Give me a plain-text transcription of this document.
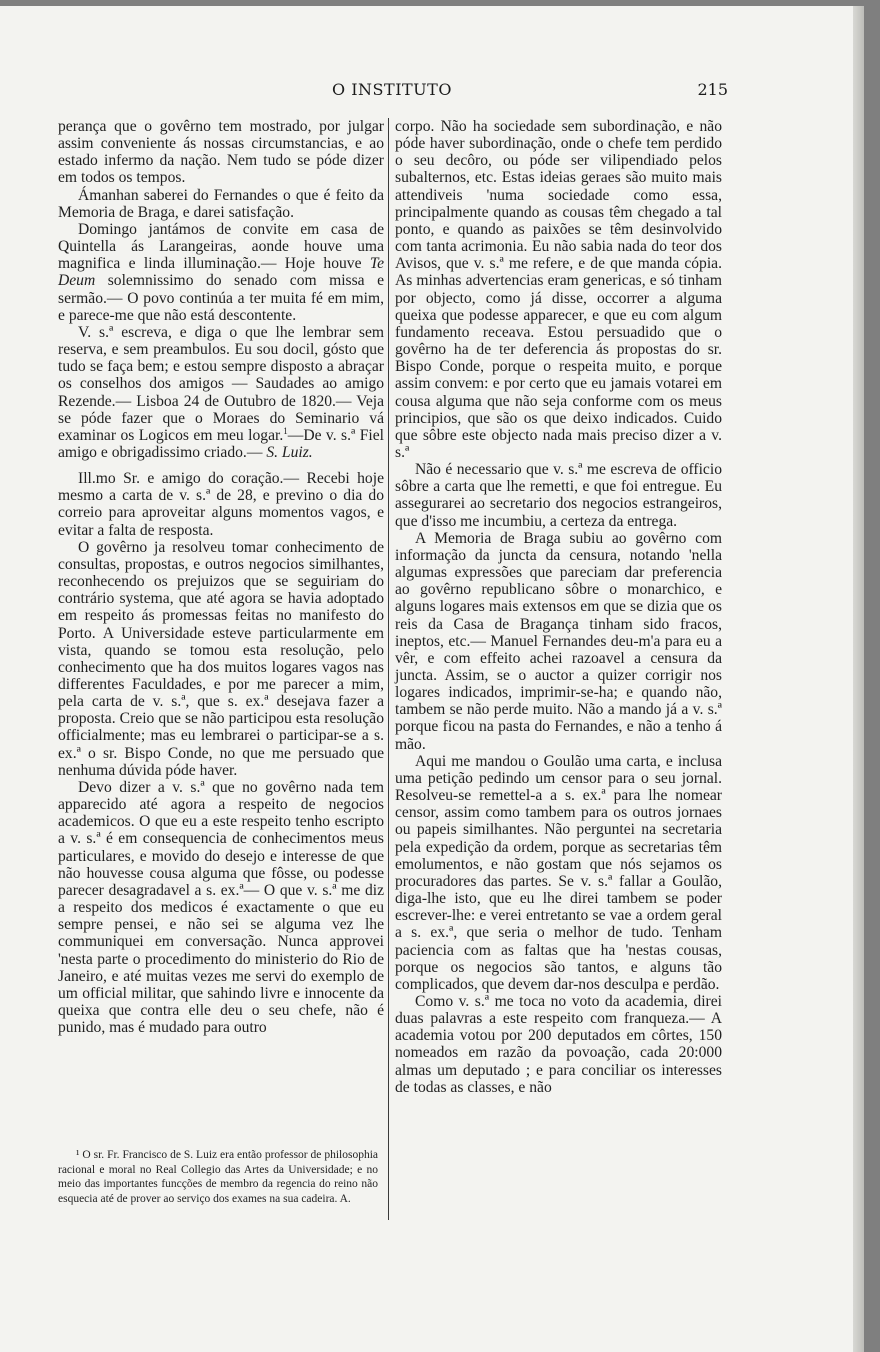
O INSTITUTO	215

perança que o govêrno tem mostrado, por julgar assim conveniente ás nossas circumstancias, e ao estado infermo da nação. Nem tudo se póde dizer em todos os tempos.

Ámanhan saberei do Fernandes o que é feito da Memoria de Braga, e darei satisfação.

Domingo jantámos de convite em casa de Quintella ás Larangeiras, aonde houve uma magnifica e linda illuminação.— Hoje houve Te Deum solemnissimo do senado com missa e sermão.— O povo continúa a ter muita fé em mim, e parece-me que não está descontente.

V. s.ª escreva, e diga o que lhe lembrar sem reserva, e sem preambulos. Eu sou docil, gósto que tudo se faça bem; e estou sempre disposto a abraçar os conselhos dos amigos — Saudades ao amigo Rezende.— Lisboa 24 de Outubro de 1820.— Veja se póde fazer que o Moraes do Seminario vá examinar os Logicos em meu logar.$^1$—De v. s.ª Fiel amigo e obrigadissimo criado.— S. Luiz.

Ill.mo Sr. e amigo do coração.— Recebi hoje mesmo a carta de v. s.ª de 28, e previno o dia do correio para aproveitar alguns momentos vagos, e evitar a falta de resposta.

O govêrno ja resolveu tomar conhecimento de consultas, propostas, e outros negocios similhantes, reconhecendo os prejuizos que se seguiriam do contrário systema, que até agora se havia adoptado em respeito ás promessas feitas no manifesto do Porto. A Universidade esteve particularmente em vista, quando se tomou esta resolução, pelo conhecimento que ha dos muitos logares vagos nas differentes Faculdades, e por me parecer a mim, pela carta de v. s.ª, que s. ex.ª desejava fazer a proposta. Creio que se não participou esta resolução officialmente; mas eu lembrarei o participar-se a s. ex.ª o sr. Bispo Conde, no que me persuado que nenhuma dúvida póde haver.

Devo dizer a v. s.ª que no govêrno nada tem apparecido até agora a respeito de negocios academicos. O que eu a este respeito tenho escripto a v. s.ª é em consequencia de conhecimentos meus particulares, e movido do desejo e interesse de que não houvesse cousa alguma que fôsse, ou podesse parecer desagradavel a s. ex.ª— O que v. s.ª me diz a respeito dos medicos é exactamente o que eu sempre pensei, e não sei se alguma vez lhe communiquei em conversação. Nunca approvei 'nesta parte o procedimento do ministerio do Rio de Janeiro, e até muitas vezes me servi do exemplo de um official militar, que sahindo livre e innocente da queixa que contra elle deu o seu chefe, não é punido, mas é mudado para outro

¹ O sr. Fr. Francisco de S. Luiz era então professor de philosophia racional e moral no Real Collegio das Artes da Universidade; e no meio das importantes funcções de membro da regencia do reino não esquecia até de prover ao serviço dos exames na sua cadeira. A.

corpo. Não ha sociedade sem subordinação, e não póde haver subordinação, onde o chefe tem perdido o seu decôro, ou póde ser vilipendiado pelos subalternos, etc. Estas ideias geraes são muito mais attendiveis 'numa sociedade como essa, principalmente quando as cousas têm chegado a tal ponto, e quando as paixões se têm desinvolvido com tanta acrimonia. Eu não sabia nada do teor dos Avisos, que v. s.ª me refere, e de que manda cópia. As minhas advertencias eram genericas, e só tinham por objecto, como já disse, occorrer a alguma queixa que podesse apparecer, e que eu com algum fundamento receava. Estou persuadido que o govêrno ha de ter deferencia ás propostas do sr. Bispo Conde, porque o respeita muito, e porque assim convem: e por certo que eu jamais votarei em cousa alguma que não seja conforme com os meus principios, que são os que deixo indicados. Cuido que sôbre este objecto nada mais preciso dizer a v. s.ª

Não é necessario que v. s.ª me escreva de officio sôbre a carta que lhe remetti, e que foi entregue. Eu assegurarei ao secretario dos negocios estrangeiros, que d'isso me incumbiu, a certeza da entrega.

A Memoria de Braga subiu ao govêrno com informação da juncta da censura, notando 'nella algumas expressões que pareciam dar preferencia ao govêrno republicano sôbre o monarchico, e alguns logares mais extensos em que se dizia que os reis da Casa de Bragança tinham sido fracos, ineptos, etc.— Manuel Fernandes deu-m'a para eu a vêr, e com effeito achei razoavel a censura da juncta. Assim, se o auctor a quizer corrigir nos logares indicados, imprimir-se-ha; e quando não, tambem se não perde muito. Não a mando já a v. s.ª porque ficou na pasta do Fernandes, e não a tenho á mão.

Aqui me mandou o Goulão uma carta, e inclusa uma petição pedindo um censor para o seu jornal. Resolveu-se remettel-a a s. ex.ª para lhe nomear censor, assim como tambem para os outros jornaes ou papeis similhantes. Não perguntei na secretaria pela expedição da ordem, porque as secretarias têm emolumentos, e não gostam que nós sejamos os procuradores das partes. Se v. s.ª fallar a Goulão, diga-lhe isto, que eu lhe direi tambem se poder escrever-lhe: e verei entretanto se vae a ordem geral a s. ex.ª, que seria o melhor de tudo. Tenham paciencia com as faltas que ha 'nestas cousas, porque os negocios são tantos, e alguns tão complicados, que devem dar-nos desculpa e perdão.

Como v. s.ª me toca no voto da academia, direi duas palavras a este respeito com franqueza.— A academia votou por 200 deputados em côrtes, 150 nomeados em razão da povoação, cada 20:000 almas um deputado ; e para conciliar os interesses de todas as classes, e não
